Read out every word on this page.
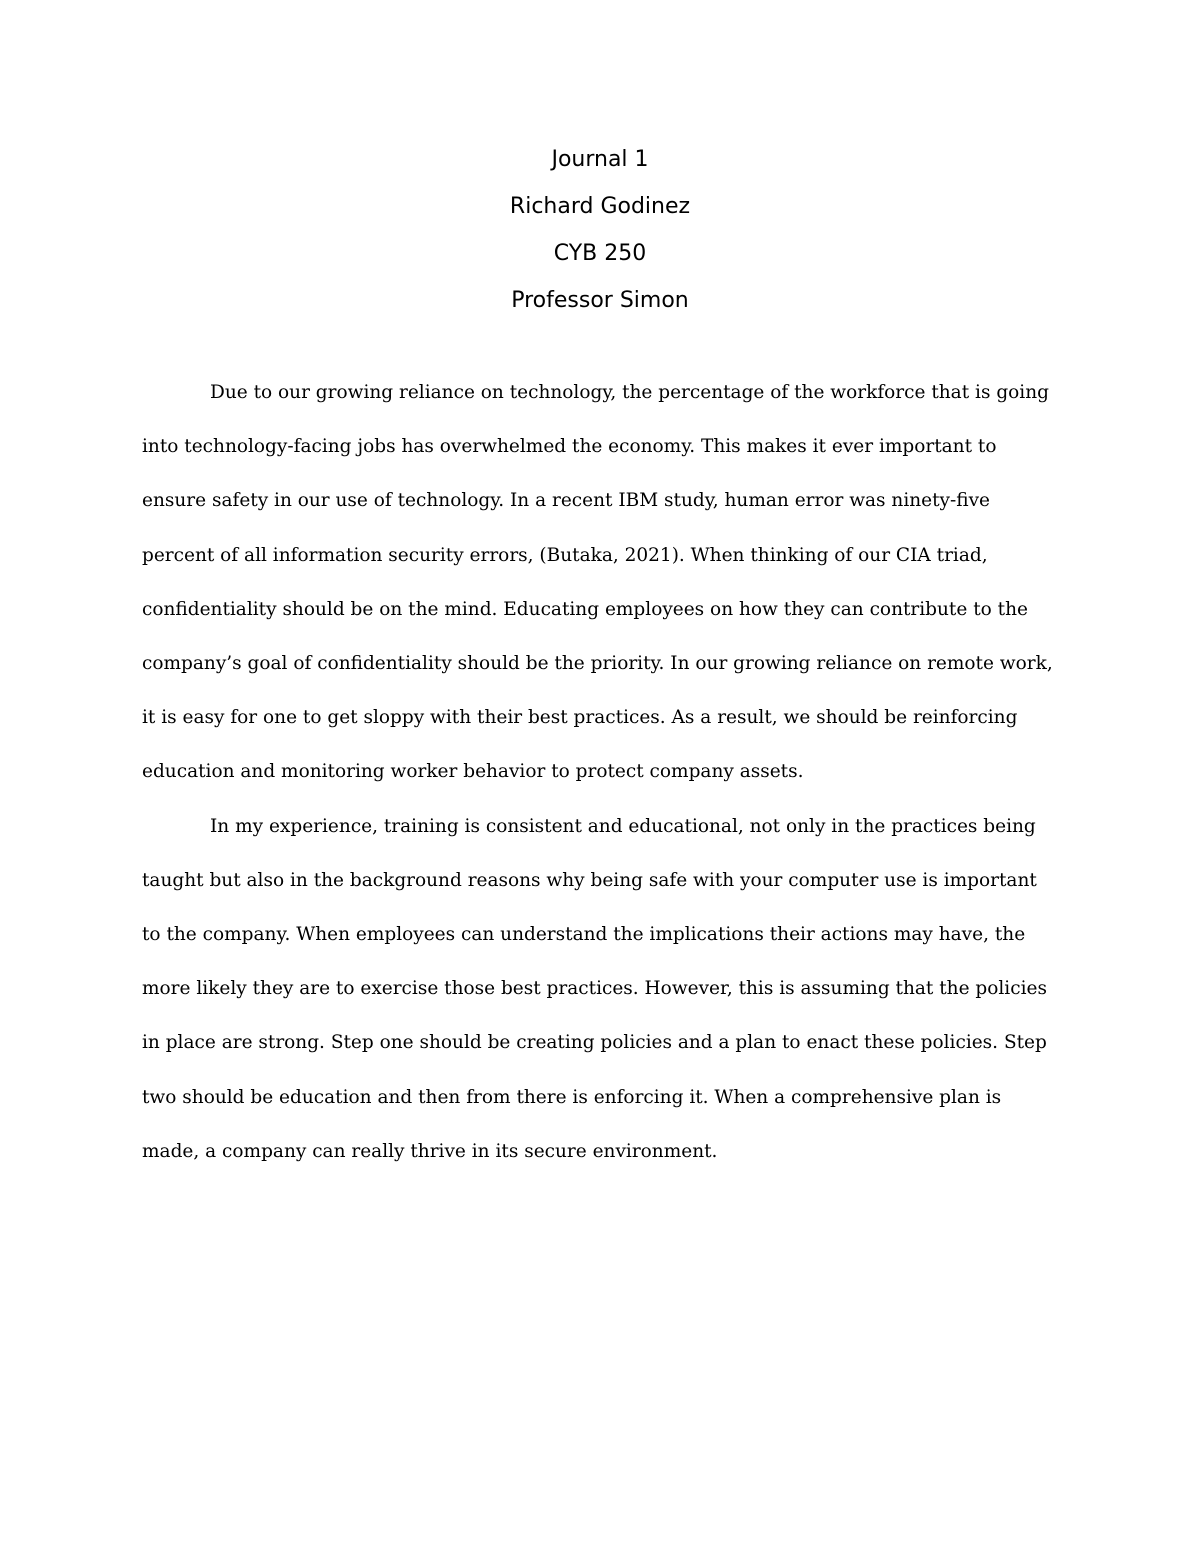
Journal 1
Richard Godinez
CYB 250
Professor Simon

Due to our growing reliance on technology, the percentage of the workforce that is going into technology-facing jobs has overwhelmed the economy. This makes it ever important to ensure safety in our use of technology. In a recent IBM study, human error was ninety-five percent of all information security errors, (Butaka, 2021). When thinking of our CIA triad, confidentiality should be on the mind. Educating employees on how they can contribute to the company’s goal of confidentiality should be the priority. In our growing reliance on remote work, it is easy for one to get sloppy with their best practices. As a result, we should be reinforcing education and monitoring worker behavior to protect company assets.

In my experience, training is consistent and educational, not only in the practices being taught but also in the background reasons why being safe with your computer use is important to the company. When employees can understand the implications their actions may have, the more likely they are to exercise those best practices. However, this is assuming that the policies in place are strong. Step one should be creating policies and a plan to enact these policies. Step two should be education and then from there is enforcing it. When a comprehensive plan is made, a company can really thrive in its secure environment.
